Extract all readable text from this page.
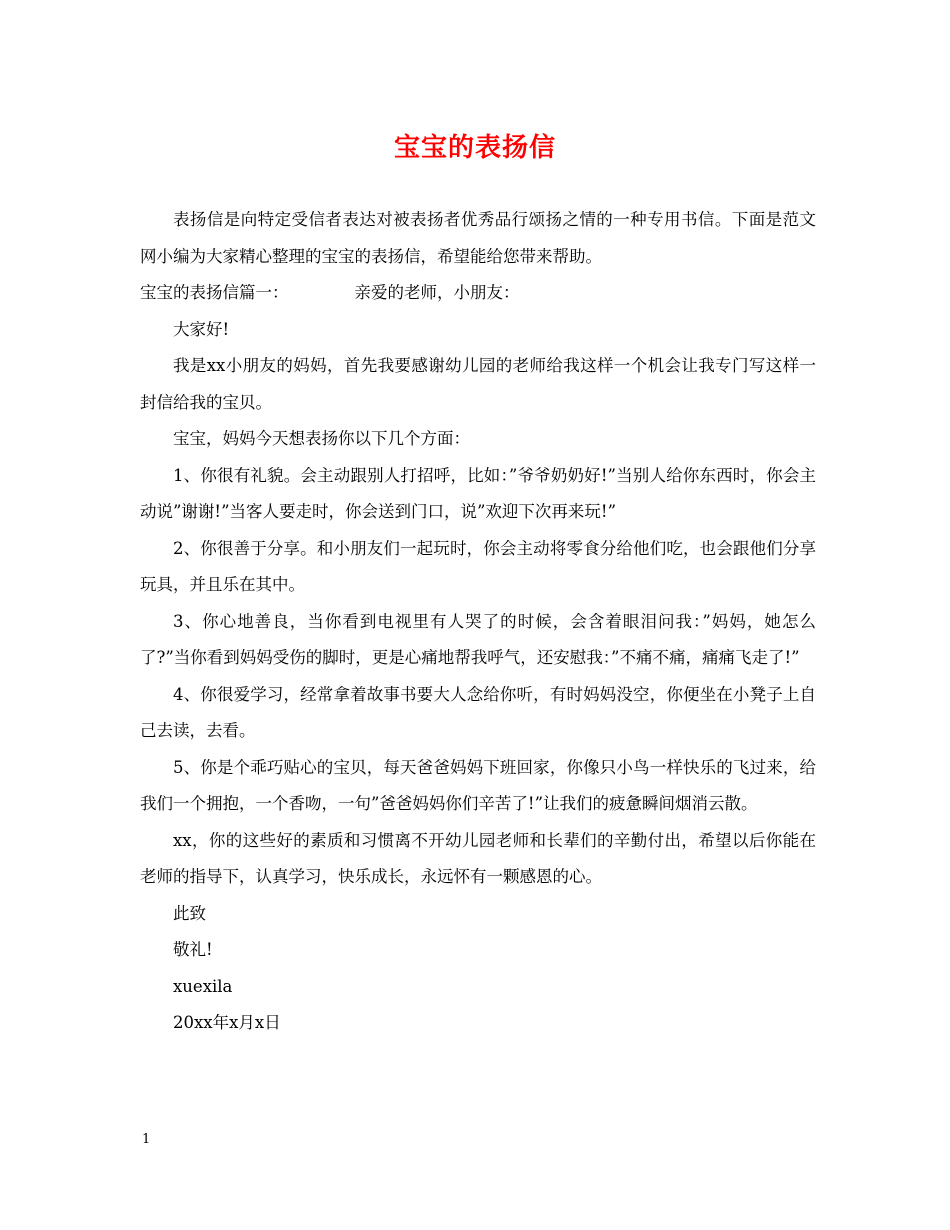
宝宝的表扬信

表扬信是向特定受信者表达对被表扬者优秀品行颂扬之情的一种专用书信。下面是范文网小编为大家精心整理的宝宝的表扬信，希望能给您带来帮助。

宝宝的表扬信篇一：	亲爱的老师，小朋友：

大家好!

我是xx小朋友的妈妈，首先我要感谢幼儿园的老师给我这样一个机会让我专门写这样一封信给我的宝贝。

宝宝，妈妈今天想表扬你以下几个方面：

1、你很有礼貌。会主动跟别人打招呼，比如：”爷爷奶奶好!”当别人给你东西时，你会主动说”谢谢!”当客人要走时，你会送到门口，说”欢迎下次再来玩!”

2、你很善于分享。和小朋友们一起玩时，你会主动将零食分给他们吃，也会跟他们分享玩具，并且乐在其中。

3、你心地善良，当你看到电视里有人哭了的时候，会含着眼泪问我：”妈妈，她怎么了?”当你看到妈妈受伤的脚时，更是心痛地帮我呼气，还安慰我：”不痛不痛，痛痛飞走了!”

4、你很爱学习，经常拿着故事书要大人念给你听，有时妈妈没空，你便坐在小凳子上自己去读，去看。

5、你是个乖巧贴心的宝贝，每天爸爸妈妈下班回家，你像只小鸟一样快乐的飞过来，给我们一个拥抱，一个香吻，一句”爸爸妈妈你们辛苦了!”让我们的疲惫瞬间烟消云散。

xx，你的这些好的素质和习惯离不开幼儿园老师和长辈们的辛勤付出，希望以后你能在老师的指导下，认真学习，快乐成长，永远怀有一颗感恩的心。

此致

敬礼!

xuexila

20xx年x月x日

1
